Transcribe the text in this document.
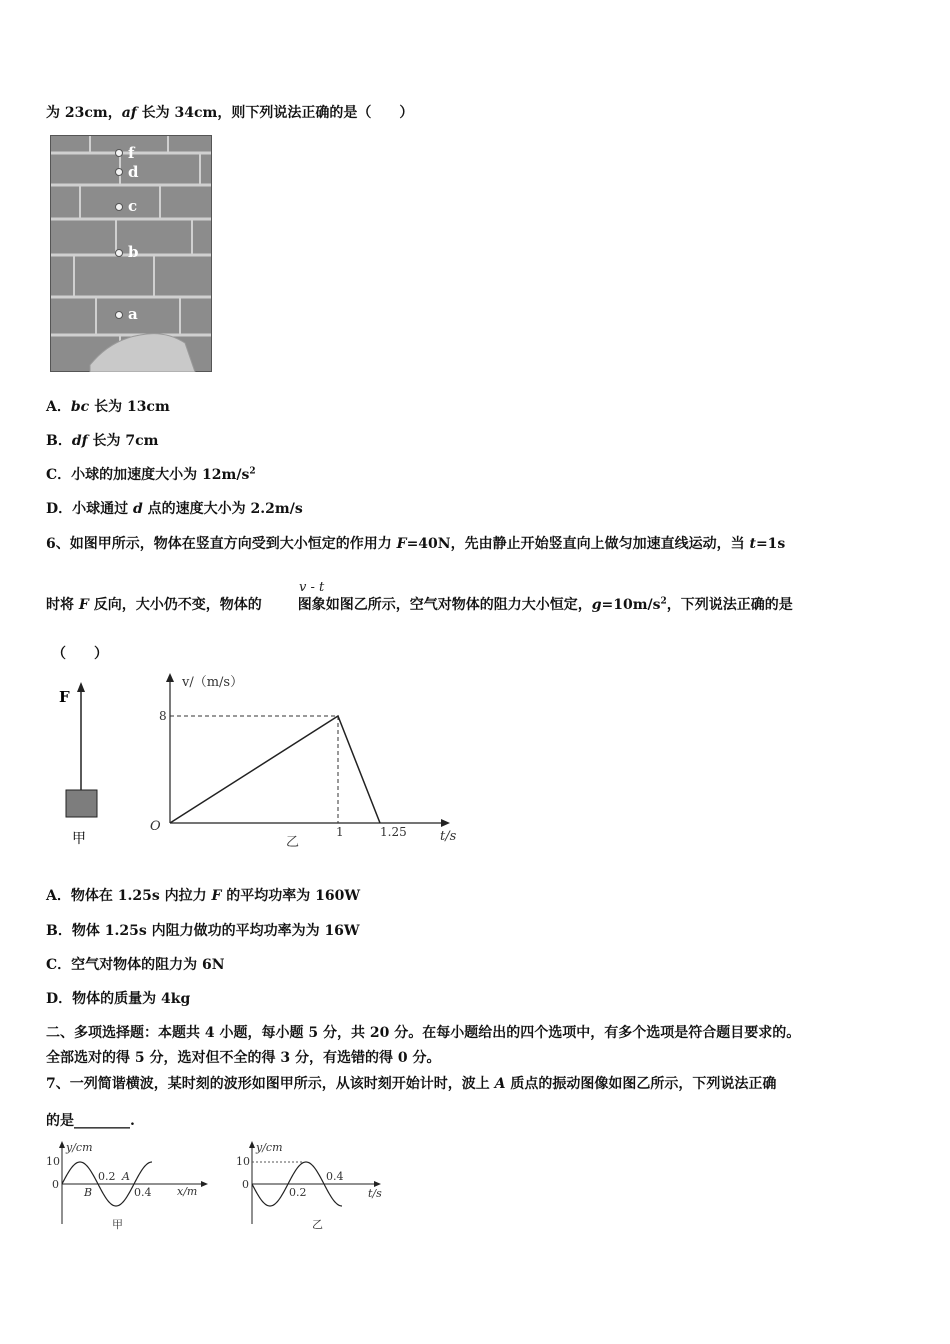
为 23cm，af 长为 34cm，则下列说法正确的是（　　）
f
d
c
b
a
A．bc 长为 13cm
B．df 长为 7cm
C．小球的加速度大小为 $12m/s^2$
D．小球通过 d 点的速度大小为 2.2m/s
6、如图甲所示，物体在竖直方向受到大小恒定的作用力 F=40N，先由静止开始竖直向上做匀加速直线运动，当 t=1s
v - t
时将 F 反向，大小仍不变，物体的	图象如图乙所示，空气对物体的阻力大小恒定，$g=10m/s^2$，下列说法正确的是
（　　）
F
甲
v/（m/s）
t/s
O
乙
8
1	1.25
A．物体在 1.25s 内拉力 F 的平均功率为 160W
B．物体 1.25s 内阻力做功的平均功率为为 16W
C．空气对物体的阻力为 6N
D．物体的质量为 4kg
二、多项选择题：本题共 4 小题，每小题 5 分，共 20 分。在每小题给出的四个选项中，有多个选项是符合题目要求的。
全部选对的得 5 分，选对但不全的得 3 分，有选错的得 0 分。
7、一列简谐横波，某时刻的波形如图甲所示，从该时刻开始计时，波上 A 质点的振动图像如图乙所示，下列说法正确
的是________.
y/cm
x/m
10
0
0.2
0.4
A
B
甲
y/cm
t/s
10
0
0.2
0.4
乙
